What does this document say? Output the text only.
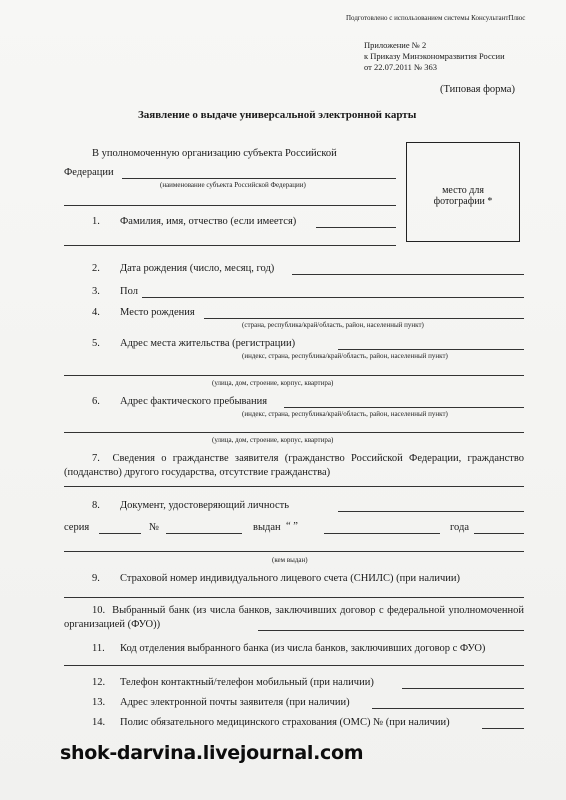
Подготовлено с использованием системы КонсультантПлюс
Приложение № 2
к Приказу Минэкономразвития России
от 22.07.2011 № 363
(Типовая форма)
Заявление о выдаче универсальной электронной карты
место для
фотографии *
В уполномоченную организацию субъекта Российской
Федерации
(наименование субъекта Российской Федерации)
1. Фамилия, имя, отчество (если имеется)
2. Дата рождения (число, месяц, год)
3. Пол
4. Место рождения
(страна, республика/край/область, район, населенный пункт)
5. Адрес места жительства (регистрации)
(индекс, страна, республика/край/область, район, населенный пункт)
(улица, дом, строение, корпус, квартира)
6. Адрес фактического пребывания
(индекс, страна, республика/край/область, район, населенный пункт)
(улица, дом, строение, корпус, квартира)
7. Сведения о гражданстве заявителя (гражданство Российской Федерации, гражданство (подданство) другого государства, отсутствие гражданства)
8. Документ, удостоверяющий личность
серия	№	выдан “ ”	года
(кем выдан)
9. Страховой номер индивидуального лицевого счета (СНИЛС) (при наличии)
10. Выбранный банк (из числа банков, заключивших договор с федеральной уполномоченной организацией (ФУО))
11. Код отделения выбранного банка (из числа банков, заключивших договор с ФУО)
12. Телефон контактный/телефон мобильный (при наличии)
13. Адрес электронной почты заявителя (при наличии)
14. Полис обязательного медицинского страхования (ОМС) № (при наличии)
shok-darvina.livejournal.com
